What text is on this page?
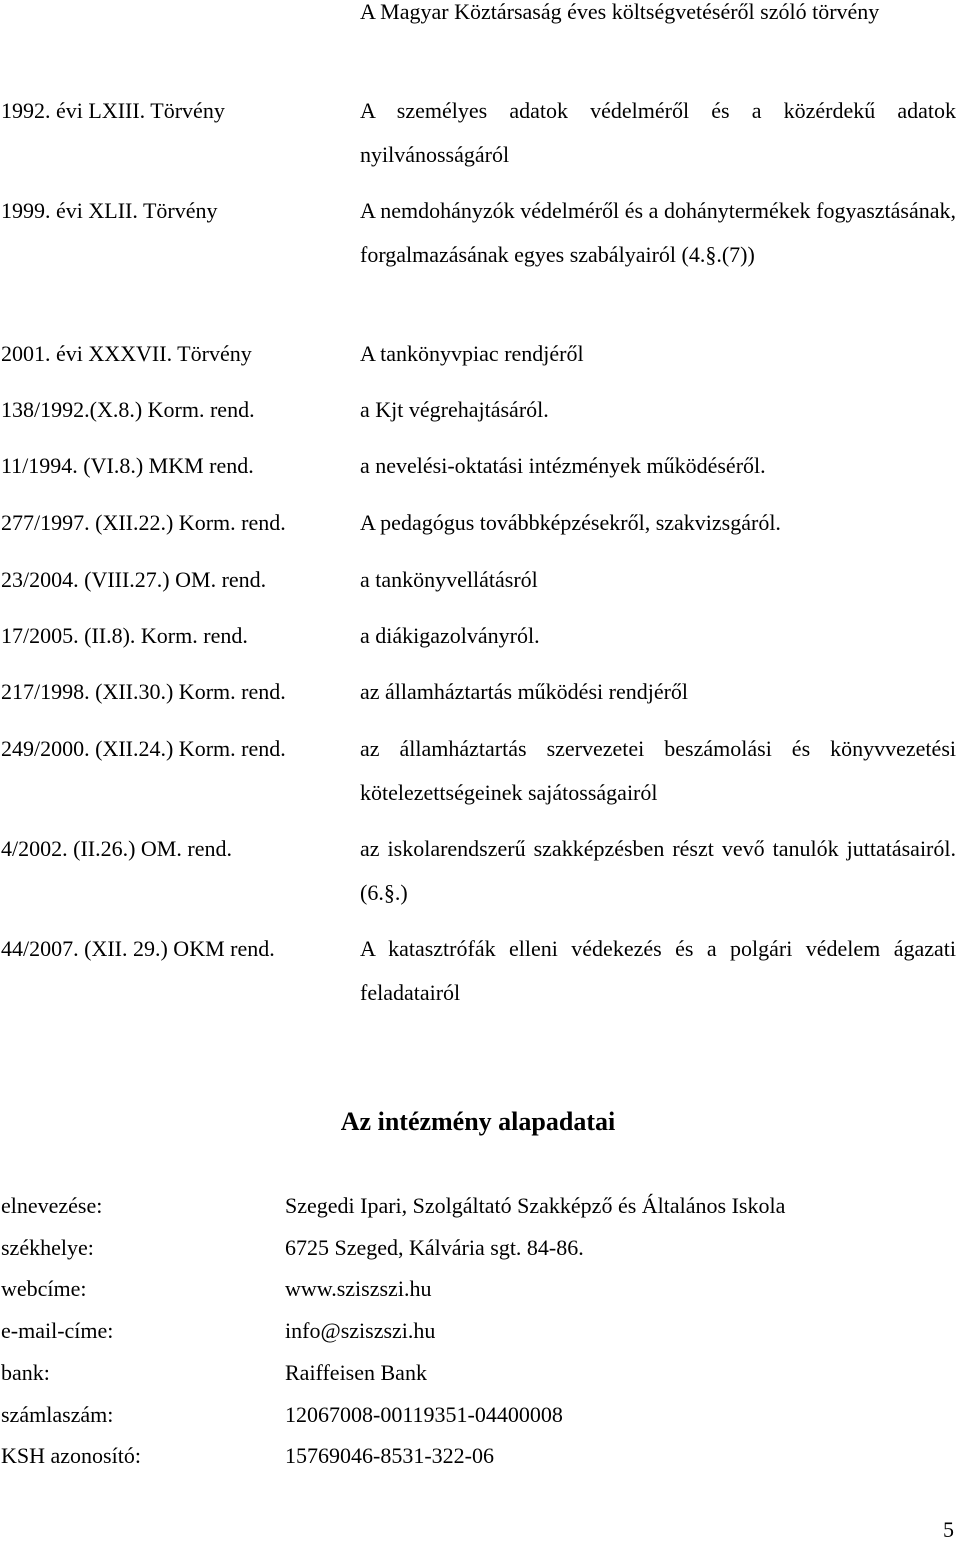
A Magyar Köztársaság éves költségvetéséről szóló törvény
1992. évi LXIII. Törvény	A személyes adatok védelméről és a közérdekű adatok nyilvánosságáról
1999. évi XLII. Törvény	A nemdohányzók védelméről és a dohánytermékek fogyasztásának, forgalmazásának egyes szabályairól (4.§.(7))
2001. évi XXXVII. Törvény	A tankönyvpiac rendjéről
138/1992.(X.8.) Korm. rend.	a Kjt végrehajtásáról.
11/1994. (VI.8.) MKM rend.	a nevelési-oktatási intézmények működéséről.
277/1997. (XII.22.) Korm. rend.	A pedagógus továbbképzésekről, szakvizsgáról.
23/2004. (VIII.27.) OM. rend.	a tankönyvellátásról
17/2005. (II.8). Korm. rend.	a diákigazolványról.
217/1998. (XII.30.) Korm. rend.	az államháztartás működési rendjéről
249/2000. (XII.24.) Korm. rend.	az államháztartás szervezetei beszámolási és könyvvezetési kötelezettségeinek sajátosságairól
4/2002. (II.26.) OM. rend.	az iskolarendszerű szakképzésben részt vevő tanulók juttatásairól. (6.§.)
44/2007. (XII. 29.) OKM rend.	A katasztrófák elleni védekezés és a polgári védelem ágazati feladatairól
Az intézmény alapadatai
elnevezése:	Szegedi Ipari, Szolgáltató Szakképző és Általános Iskola
székhelye:	6725 Szeged, Kálvária sgt. 84-86.
webcíme:	www.sziszszi.hu
e-mail-címe:	info@sziszszi.hu
bank:	Raiffeisen Bank
számlaszám:	12067008-00119351-04400008
KSH azonosító:	15769046-8531-322-06
5
